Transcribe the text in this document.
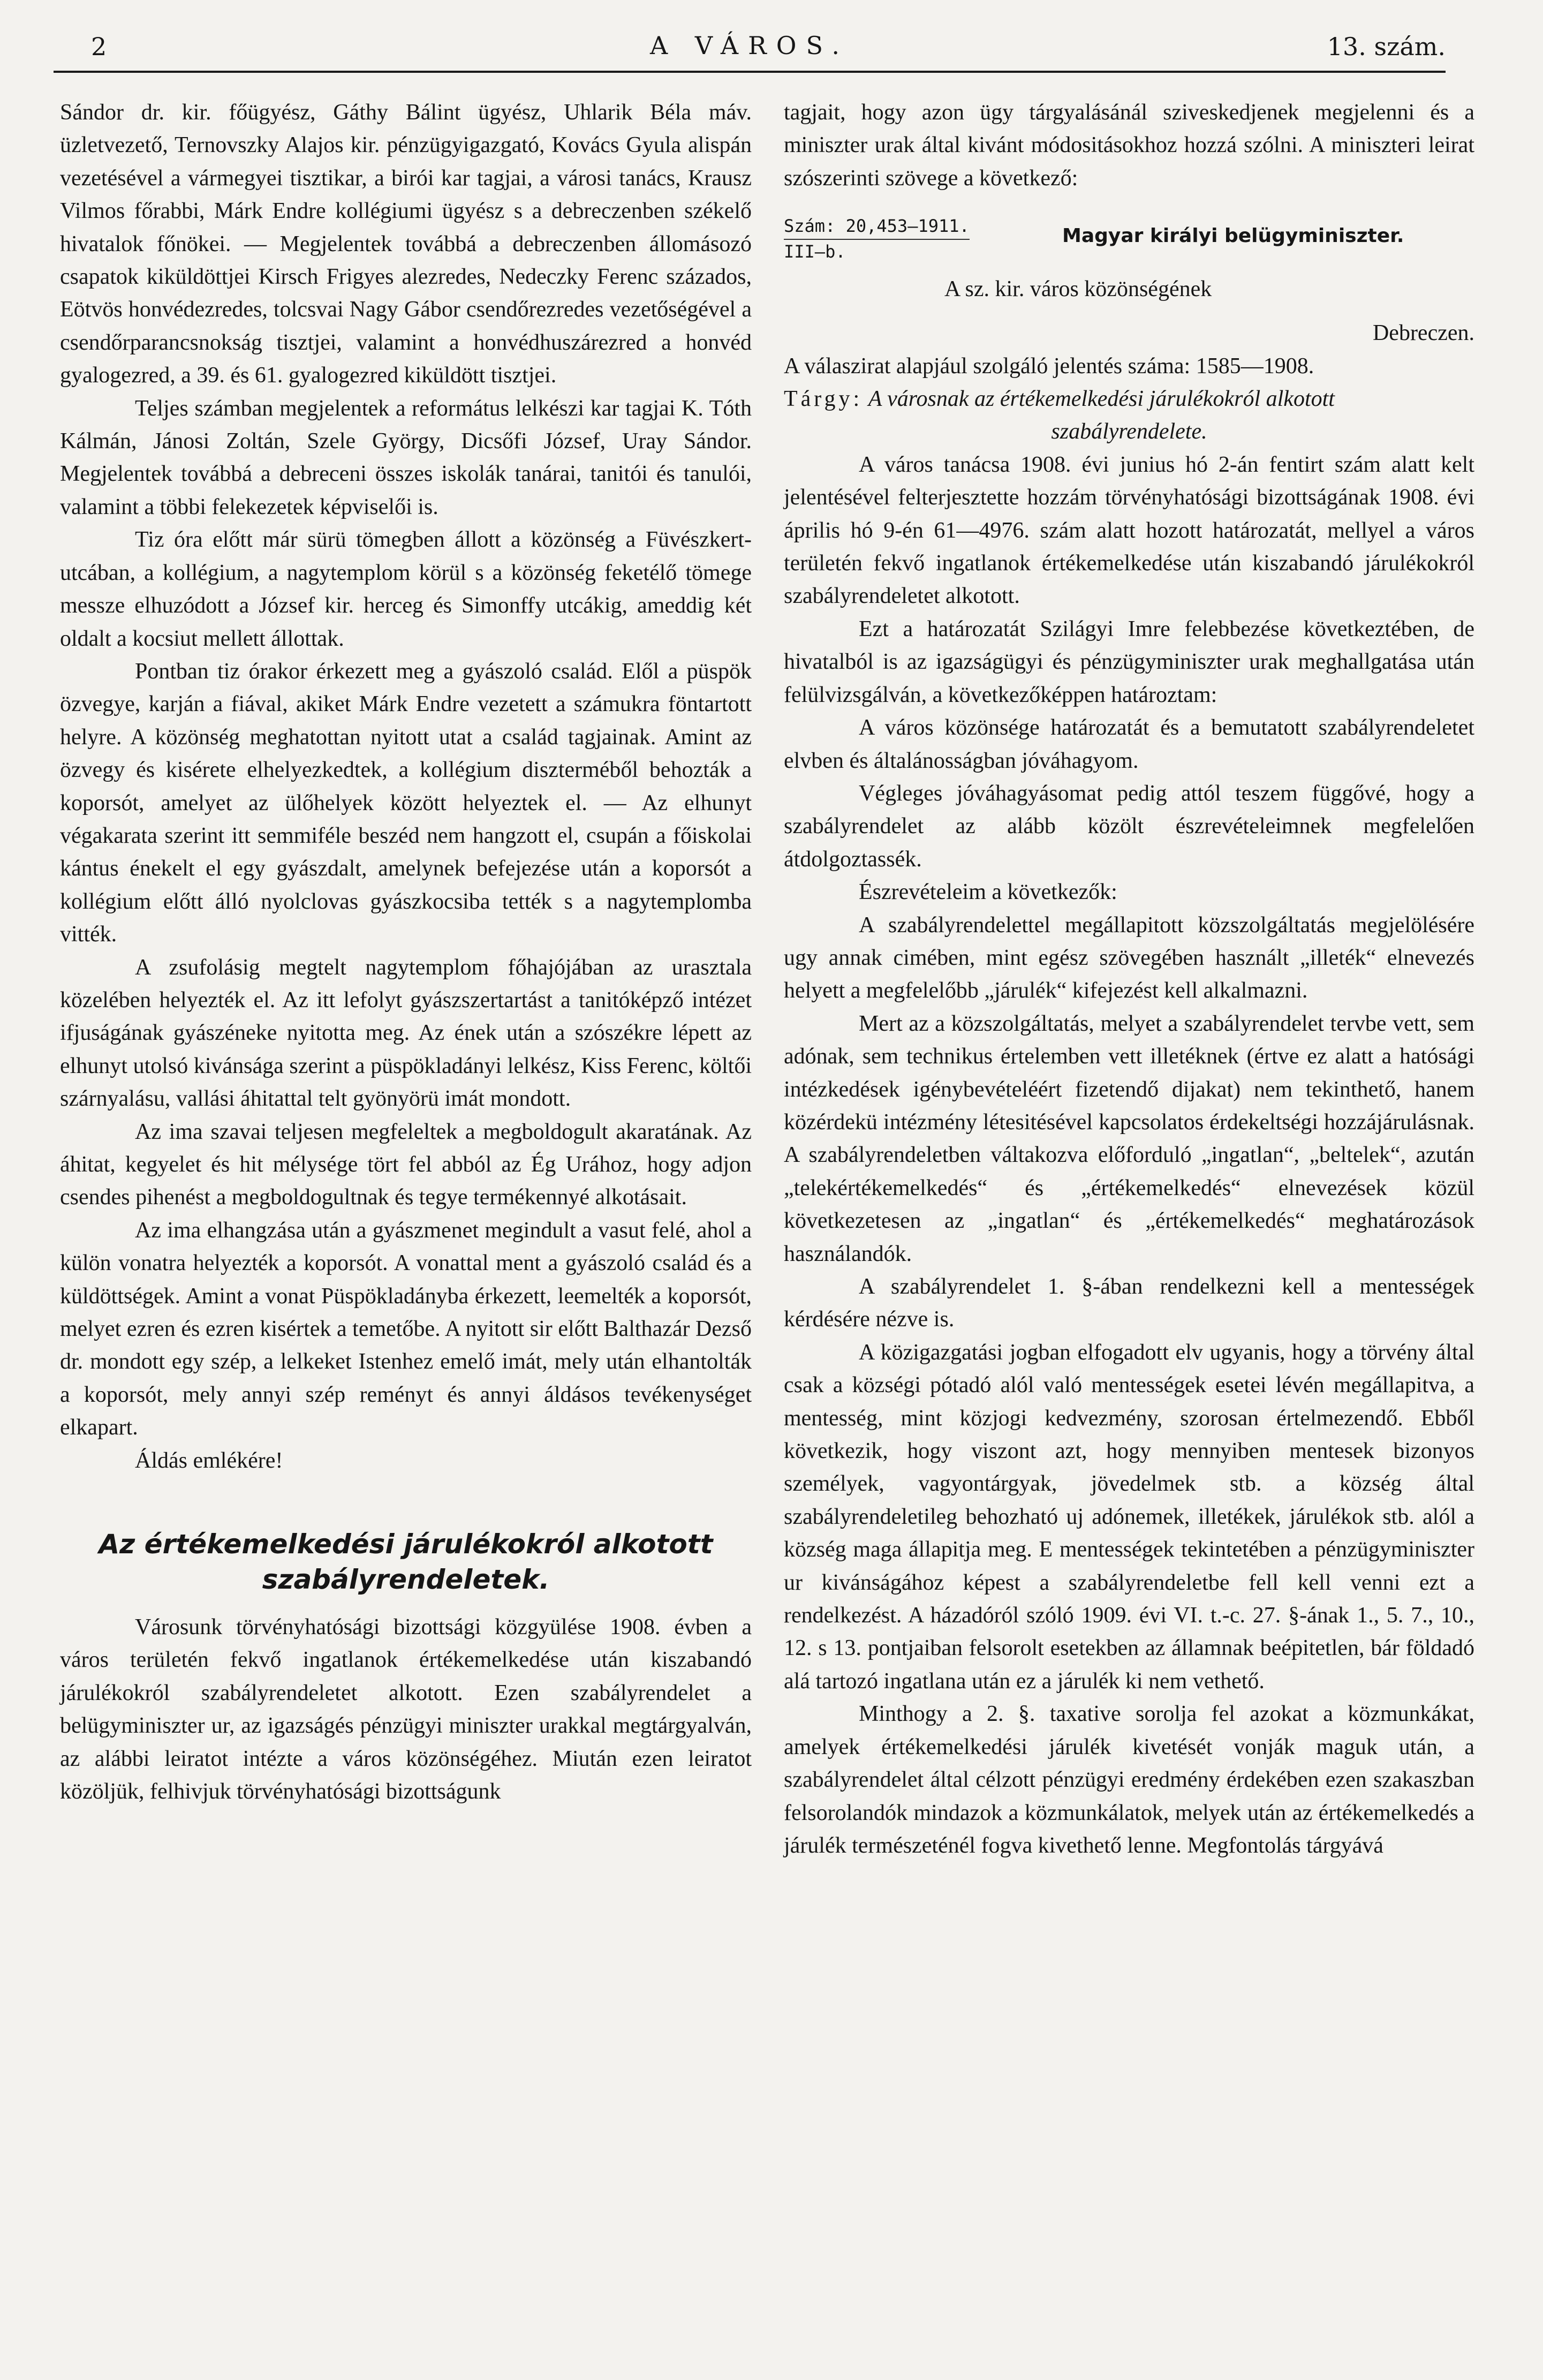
2	A VÁROS.	13. szám.

Sándor dr. kir. főügyész, Gáthy Bálint ügyész, Uhlarik Béla máv. üzletvezető, Ternovszky Alajos kir. pénzügyigazgató, Kovács Gyula alispán vezetésével a vármegyei tisztikar, a birói kar tagjai, a városi tanács, Krausz Vilmos főrabbi, Márk Endre kollégiumi ügyész s a debreczenben székelő hivatalok főnökei. — Megjelentek továbbá a debreczenben állomásozó csapatok kiküldöttjei Kirsch Frigyes alezredes, Nedeczky Ferenc százados, Eötvös honvédezredes, tolcsvai Nagy Gábor csendőrezredes vezetőségével a csendőrparancsnokság tisztjei, valamint a honvédhuszárezred a honvéd gyalogezred, a 39. és 61. gyalogezred kiküldött tisztjei.

Teljes számban megjelentek a református lelkészi kar tagjai K. Tóth Kálmán, Jánosi Zoltán, Szele György, Dicsőfi József, Uray Sándor. Megjelentek továbbá a debreceni összes iskolák tanárai, tanitói és tanulói, valamint a többi felekezetek képviselői is.

Tiz óra előtt már sürü tömegben állott a közönség a Füvészkert-utcában, a kollégium, a nagytemplom körül s a közönség feketélő tömege messze elhuzódott a József kir. herceg és Simonffy utcákig, ameddig két oldalt a kocsiut mellett állottak.

Pontban tiz órakor érkezett meg a gyászoló család. Elől a püspök özvegye, karján a fiával, akiket Márk Endre vezetett a számukra föntartott helyre. A közönség meghatottan nyitott utat a család tagjainak. Amint az özvegy és kisérete elhelyezkedtek, a kollégium diszterméből behozták a koporsót, amelyet az ülőhelyek között helyeztek el. — Az elhunyt végakarata szerint itt semmiféle beszéd nem hangzott el, csupán a főiskolai kántus énekelt el egy gyászdalt, amelynek befejezése után a koporsót a kollégium előtt álló nyolclovas gyászkocsiba tették s a nagytemplomba vitték.

A zsufolásig megtelt nagytemplom főhajójában az urasztala közelében helyezték el. Az itt lefolyt gyászszertartást a tanitóképző intézet ifjuságának gyászéneke nyitotta meg. Az ének után a szószékre lépett az elhunyt utolsó kivánsága szerint a püspökladányi lelkész, Kiss Ferenc, költői szárnyalásu, vallási áhitattal telt gyönyörü imát mondott.

Az ima szavai teljesen megfeleltek a megboldogult akaratának. Az áhitat, kegyelet és hit mélysége tört fel abból az Ég Urához, hogy adjon csendes pihenést a megboldogultnak és tegye termékennyé alkotásait.

Az ima elhangzása után a gyászmenet megindult a vasut felé, ahol a külön vonatra helyezték a koporsót. A vonattal ment a gyászoló család és a küldöttségek. Amint a vonat Püspökladányba érkezett, leemelték a koporsót, melyet ezren és ezren kisértek a temetőbe. A nyitott sir előtt Balthazár Dezső dr. mondott egy szép, a lelkeket Istenhez emelő imát, mely után elhantolták a koporsót, mely annyi szép reményt és annyi áldásos tevékenységet elkapart.

Áldás emlékére!

Az értékemelkedési járulékokról alkotott szabályrendeletek.

Városunk törvényhatósági bizottsági közgyülése 1908. évben a város területén fekvő ingatlanok értékemelkedése után kiszabandó járulékokról szabályrendeletet alkotott. Ezen szabályrendelet a belügyminiszter ur, az igazságés pénzügyi miniszter urakkal megtárgyalván, az alábbi leiratot intézte a város közönségéhez. Miután ezen leiratot közöljük, felhivjuk törvényhatósági bizottságunk

tagjait, hogy azon ügy tárgyalásánál sziveskedjenek megjelenni és a miniszter urak által kivánt módositásokhoz hozzá szólni. A miniszteri leirat szószerinti szövege a következő:

Szám: 20,453—1911.
III—b.
Magyar királyi belügyminiszter.
A sz. kir. város közönségének

Debreczen.

A válaszirat alapjául szolgáló jelentés száma: 1585—1908.

Tárgy: A városnak az értékemelkedési járulékokról alkotott
szabályrendelete.

A város tanácsa 1908. évi junius hó 2-án fentirt szám alatt kelt jelentésével felterjesztette hozzám törvényhatósági bizottságának 1908. évi április hó 9-én 61—4976. szám alatt hozott határozatát, mellyel a város területén fekvő ingatlanok értékemelkedése után kiszabandó járulékokról szabályrendeletet alkotott.

Ezt a határozatát Szilágyi Imre felebbezése következtében, de hivatalból is az igazságügyi és pénzügyminiszter urak meghallgatása után felülvizsgálván, a következőképpen határoztam:

A város közönsége határozatát és a bemutatott szabályrendeletet elvben és általánosságban jóváhagyom.

Végleges jóváhagyásomat pedig attól teszem függővé, hogy a szabályrendelet az alább közölt észrevételeimnek megfelelően átdolgoztassék.

Észrevételeim a következők:

A szabályrendelettel megállapitott közszolgáltatás megjelölésére ugy annak cimében, mint egész szövegében használt „illeték“ elnevezés helyett a megfelelőbb „járulék“ kifejezést kell alkalmazni.

Mert az a közszolgáltatás, melyet a szabályrendelet tervbe vett, sem adónak, sem technikus értelemben vett illetéknek (értve ez alatt a hatósági intézkedések igénybevételéért fizetendő dijakat) nem tekinthető, hanem közérdekü intézmény létesitésével kapcsolatos érdekeltségi hozzájárulásnak. A szabályrendeletben váltakozva előforduló „ingatlan“, „beltelek“, azután „telekértékemelkedés“ és „értékemelkedés“ elnevezések közül következetesen az „ingatlan“ és „értékemelkedés“ meghatározások használandók.

A szabályrendelet 1. §-ában rendelkezni kell a mentességek kérdésére nézve is.

A közigazgatási jogban elfogadott elv ugyanis, hogy a törvény által csak a községi pótadó alól való mentességek esetei lévén megállapitva, a mentesség, mint közjogi kedvezmény, szorosan értelmezendő. Ebből következik, hogy viszont azt, hogy mennyiben mentesek bizonyos személyek, vagyontárgyak, jövedelmek stb. a község által szabályrendeletileg behozható uj adónemek, illetékek, járulékok stb. alól a község maga állapitja meg. E mentességek tekintetében a pénzügyminiszter ur kivánságához képest a szabályrendeletbe fell kell venni ezt a rendelkezést. A házadóról szóló 1909. évi VI. t.-c. 27. §-ának 1., 5. 7., 10., 12. s 13. pontjaiban felsorolt esetekben az államnak beépitetlen, bár földadó alá tartozó ingatlana után ez a járulék ki nem vethető.

Minthogy a 2. §. taxative sorolja fel azokat a közmunkákat, amelyek értékemelkedési járulék kivetését vonják maguk után, a szabályrendelet által célzott pénzügyi eredmény érdekében ezen szakaszban felsorolandók mindazok a közmunkálatok, melyek után az értékemelkedés a járulék természeténél fogva kivethető lenne. Megfontolás tárgyává
